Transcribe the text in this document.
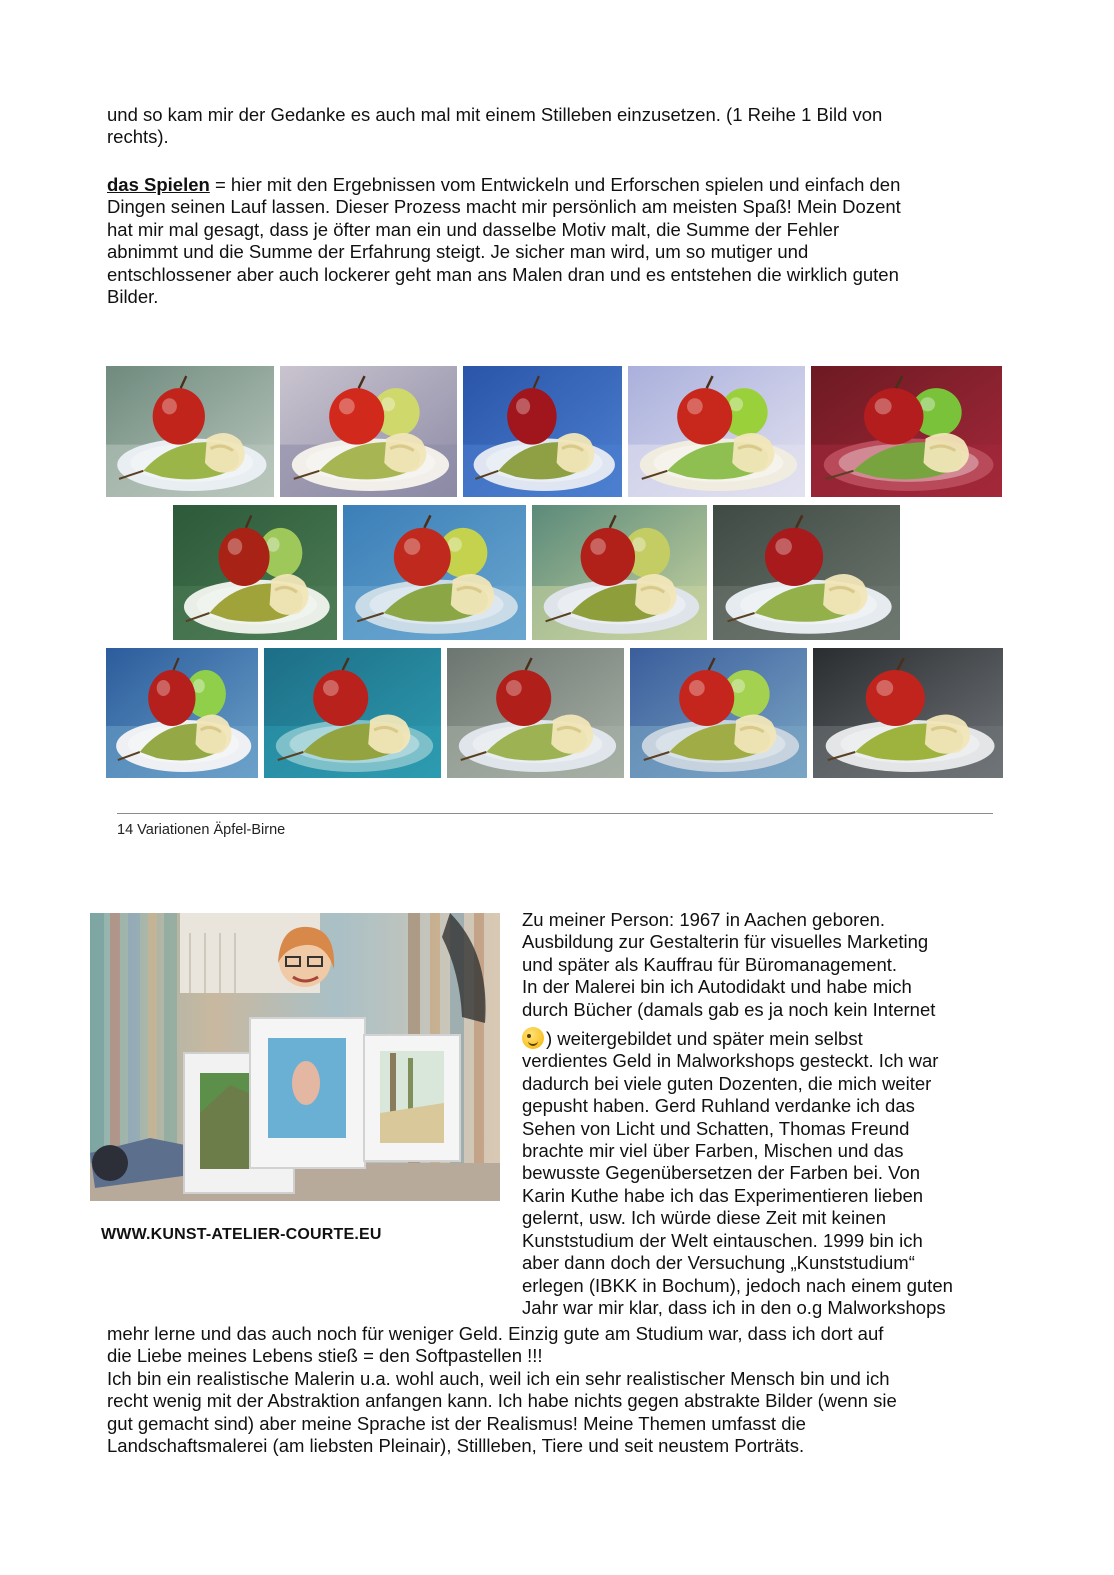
und so kam mir der Gedanke es auch mal mit einem Stilleben einzusetzen. (1 Reihe 1 Bild von

rechts).

das Spielen = hier mit den Ergebnissen vom Entwickeln und Erforschen spielen und einfach den

Dingen seinen Lauf lassen. Dieser Prozess macht mir persönlich am meisten Spaß! Mein Dozent

hat mir mal gesagt, dass je öfter man ein und dasselbe Motiv malt, die Summe der Fehler

abnimmt und die Summe der Erfahrung steigt. Je sicher man wird, um so mutiger und

entschlossener aber auch lockerer geht man ans Malen dran und es entstehen die wirklich guten

Bilder.

14 Variationen Äpfel-Birne
WWW.KUNST-ATELIER-COURTE.EU
Zu meiner Person: 1967 in Aachen geboren.
Ausbildung zur Gestalterin für visuelles Marketing
und später als Kauffrau für Büromanagement.
In der Malerei bin ich Autodidakt und habe mich
durch Bücher (damals gab es ja noch kein Internet
) weitergebildet und später mein selbst
verdientes Geld in Malworkshops gesteckt. Ich war
dadurch bei viele guten Dozenten, die mich weiter
gepusht haben. Gerd Ruhland verdanke ich das
Sehen von Licht und Schatten, Thomas Freund
brachte mir viel über Farben, Mischen und das
bewusste Gegenübersetzen der Farben bei. Von
Karin Kuthe habe ich das Experimentieren lieben
gelernt, usw. Ich würde diese Zeit mit keinen
Kunststudium der Welt eintauschen. 1999 bin ich
aber dann doch der Versuchung „Kunststudium“
erlegen (IBKK in Bochum), jedoch nach einem guten
Jahr war mir klar, dass ich in den o.g Malworkshops
mehr lerne und das auch noch für weniger Geld. Einzig gute am Studium war, dass ich dort auf
die Liebe meines Lebens stieß = den Softpastellen !!!
Ich bin ein realistische Malerin u.a. wohl auch, weil ich ein sehr realistischer Mensch bin und ich
recht wenig mit der Abstraktion anfangen kann. Ich habe nichts gegen abstrakte Bilder (wenn sie
gut gemacht sind) aber meine Sprache ist der Realismus! Meine Themen umfasst die
Landschaftsmalerei (am liebsten Pleinair), Stillleben, Tiere und seit neustem Porträts.
